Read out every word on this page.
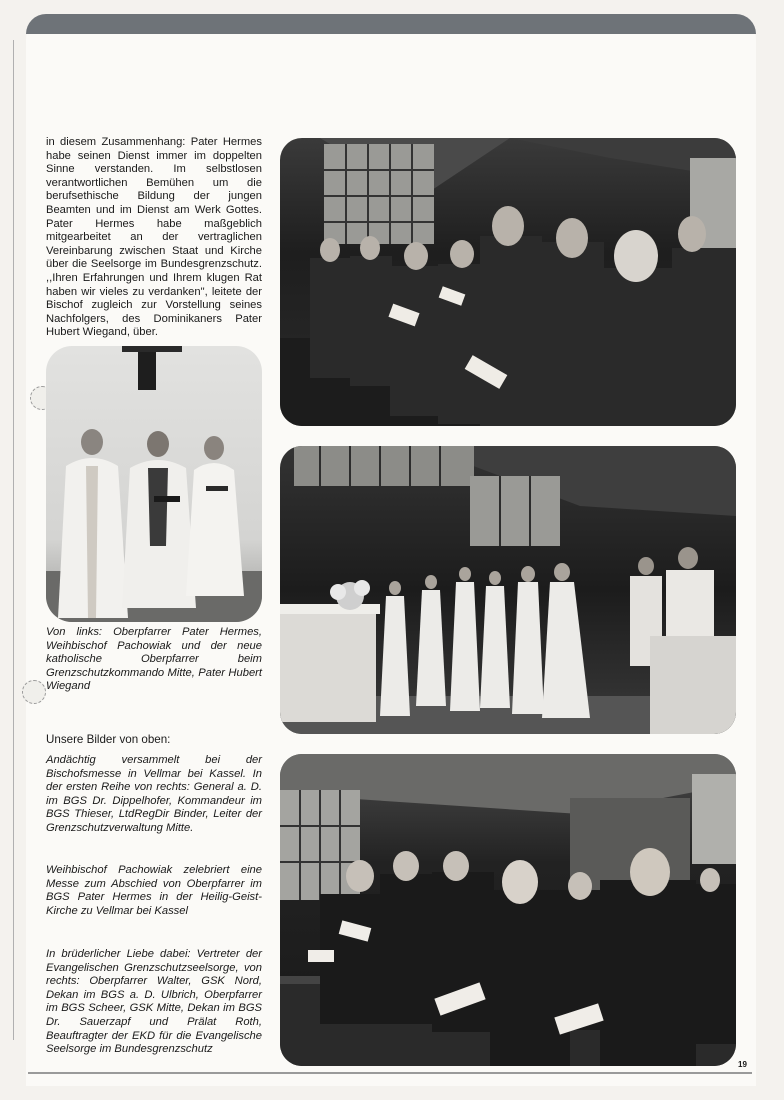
in diesem Zusammenhang: Pater Hermes habe seinen Dienst immer im doppelten Sinne verstanden. Im selbstlosen verantwortlichen Bemühen um die berufsethische Bildung der jungen Beamten und im Dienst am Werk Gottes. Pater Hermes habe maßgeblich mitgearbeitet an der vertraglichen Vereinbarung zwischen Staat und Kirche über die Seelsorge im Bundesgrenzschutz. ,,Ihren Erfahrungen und Ihrem klugen Rat haben wir vieles zu verdanken", leitete der Bischof zugleich zur Vorstellung seines Nachfolgers, des Dominikaners Pater Hubert Wiegand, über.
Von links: Oberpfarrer Pater Hermes, Weihbischof Pachowiak und der neue katholische Oberpfarrer beim Grenzschutzkommando Mitte, Pater Hubert Wiegand
Unsere Bilder von oben:
Andächtig versammelt bei der Bischofsmesse in Vellmar bei Kassel. In der ersten Reihe von rechts: General a. D. im BGS Dr. Dippelhofer, Kommandeur im BGS Thieser, LtdRegDir Binder, Leiter der Grenzschutzverwaltung Mitte.
Weihbischof Pachowiak zelebriert eine Messe zum Abschied von Oberpfarrer im BGS Pater Hermes in der Heilig-Geist-Kirche zu Vellmar bei Kassel
In brüderlicher Liebe dabei: Vertreter der Evangelischen Grenzschutzseelsorge, von rechts: Oberpfarrer Walter, GSK Nord, Dekan im BGS a. D. Ulbrich, Oberpfarrer im BGS Scheer, GSK Mitte, Dekan im BGS Dr. Sauerzapf und Prälat Roth, Beauftragter der EKD für die Evangelische Seelsorge im Bundesgrenzschutz
19
